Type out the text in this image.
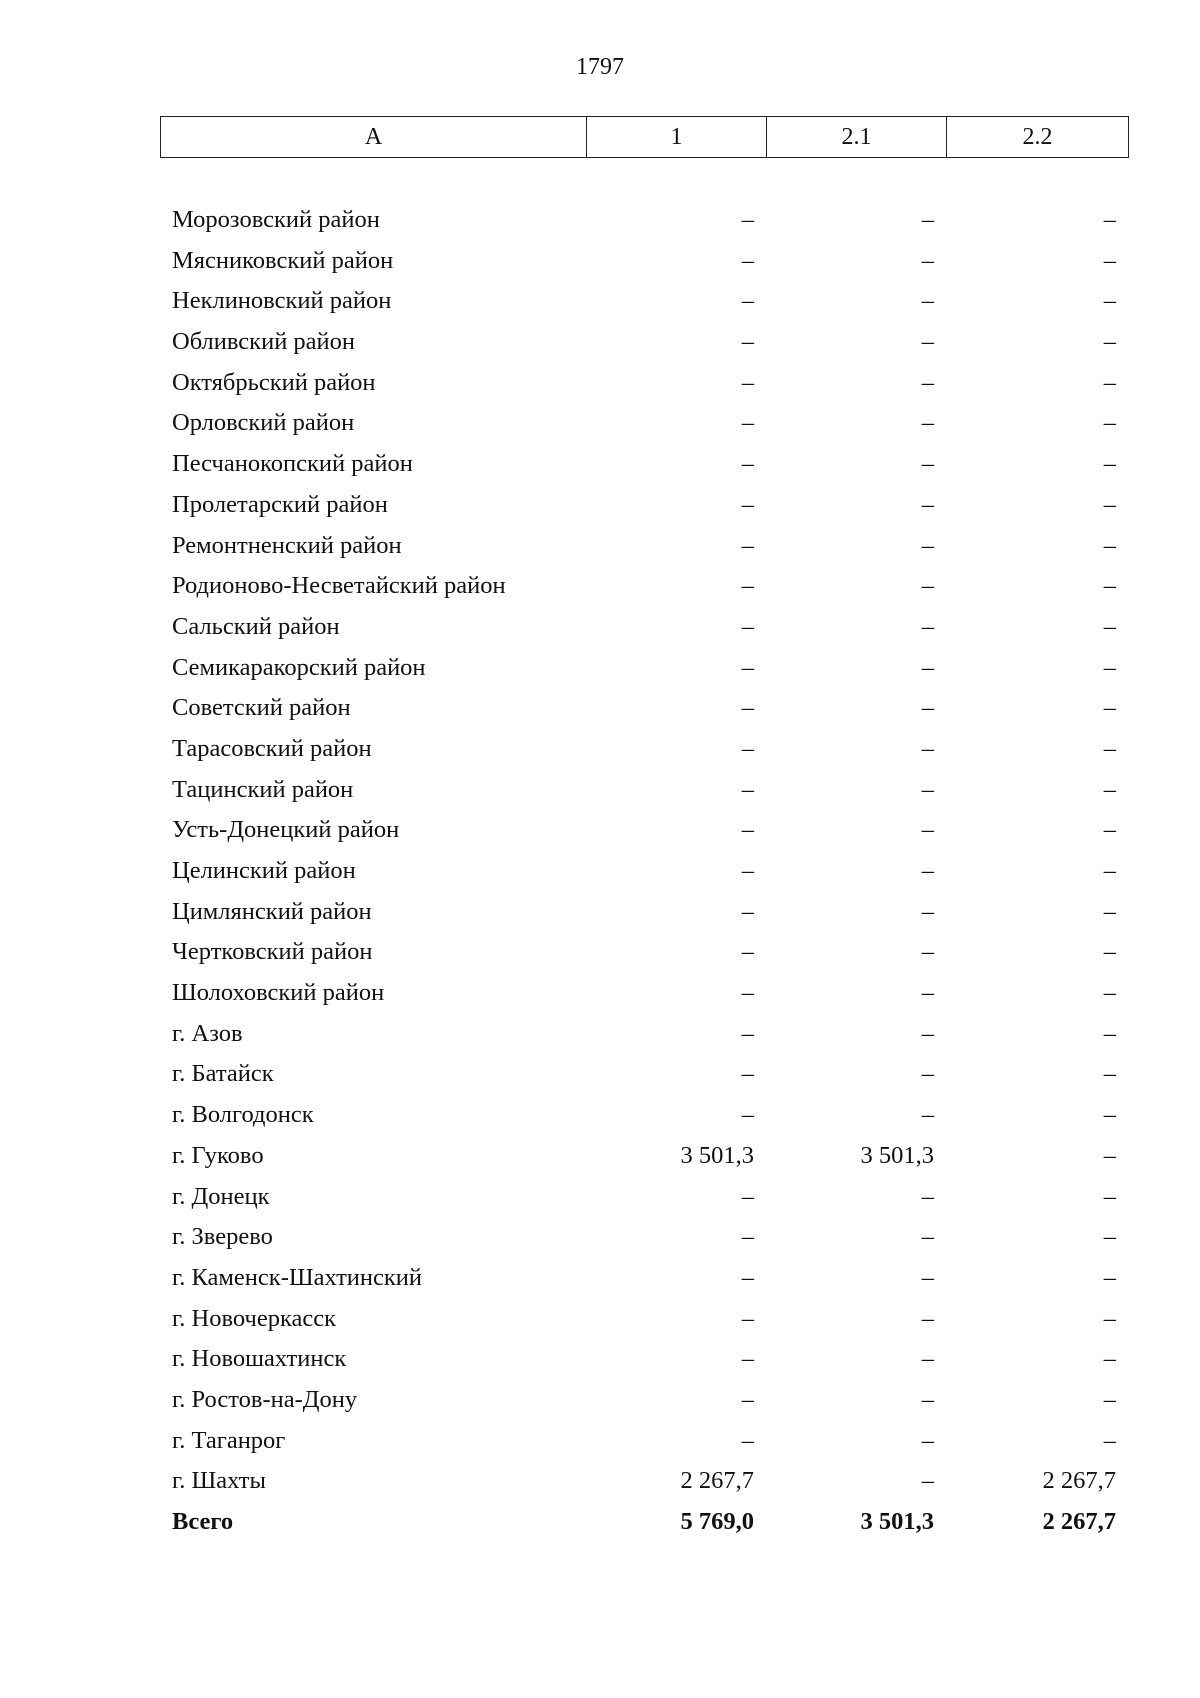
1797
А	1	2.1	2.2
Морозовский район	–	–	–
Мясниковский район	–	–	–
Неклиновский район	–	–	–
Обливский район	–	–	–
Октябрьский район	–	–	–
Орловский район	–	–	–
Песчанокопский район	–	–	–
Пролетарский район	–	–	–
Ремонтненский район	–	–	–
Родионово-Несветайский район	–	–	–
Сальский район	–	–	–
Семикаракорский район	–	–	–
Советский район	–	–	–
Тарасовский район	–	–	–
Тацинский район	–	–	–
Усть-Донецкий район	–	–	–
Целинский район	–	–	–
Цимлянский район	–	–	–
Чертковский район	–	–	–
Шолоховский район	–	–	–
г. Азов	–	–	–
г. Батайск	–	–	–
г. Волгодонск	–	–	–
г. Гуково	3 501,3	3 501,3	–
г. Донецк	–	–	–
г. Зверево	–	–	–
г. Каменск-Шахтинский	–	–	–
г. Новочеркасск	–	–	–
г. Новошахтинск	–	–	–
г. Ростов-на-Дону	–	–	–
г. Таганрог	–	–	–
г. Шахты	2 267,7	–	2 267,7
Всего	5 769,0	3 501,3	2 267,7
